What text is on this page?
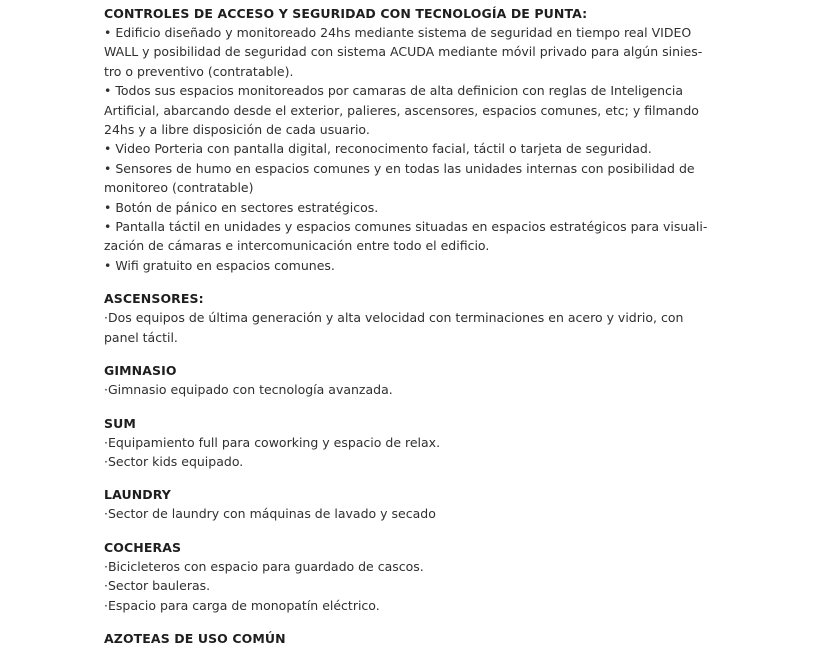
CONTROLES DE ACCESO Y SEGURIDAD CON TECNOLOGÍA DE PUNTA:
• Edificio diseñado y monitoreado 24hs mediante sistema de seguridad en tiempo real VIDEO
WALL y posibilidad de seguridad con sistema ACUDA mediante móvil privado para algún sinies-
tro o preventivo (contratable).
• Todos sus espacios monitoreados por camaras de alta definicion con reglas de Inteligencia
Artificial, abarcando desde el exterior, palieres, ascensores, espacios comunes, etc; y filmando
24hs y a libre disposición de cada usuario.
• Video Porteria con pantalla digital, reconocimento facial, táctil o tarjeta de seguridad.
• Sensores de humo en espacios comunes y en todas las unidades internas con posibilidad de
monitoreo (contratable)
• Botón de pánico en sectores estratégicos.
• Pantalla táctil en unidades y espacios comunes situadas en espacios estratégicos para visuali-
zación de cámaras e intercomunicación entre todo el edificio.
• Wifi gratuito en espacios comunes.
ASCENSORES:
·Dos equipos de última generación y alta velocidad con terminaciones en acero y vidrio, con
panel táctil.
GIMNASIO
·Gimnasio equipado con tecnología avanzada.
SUM
·Equipamiento full para coworking y espacio de relax.
·Sector kids equipado.
LAUNDRY
·Sector de laundry con máquinas de lavado y secado
COCHERAS
·Bicicleteros con espacio para guardado de cascos.
·Sector bauleras.
·Espacio para carga de monopatín eléctrico.
AZOTEAS DE USO COMÚN
